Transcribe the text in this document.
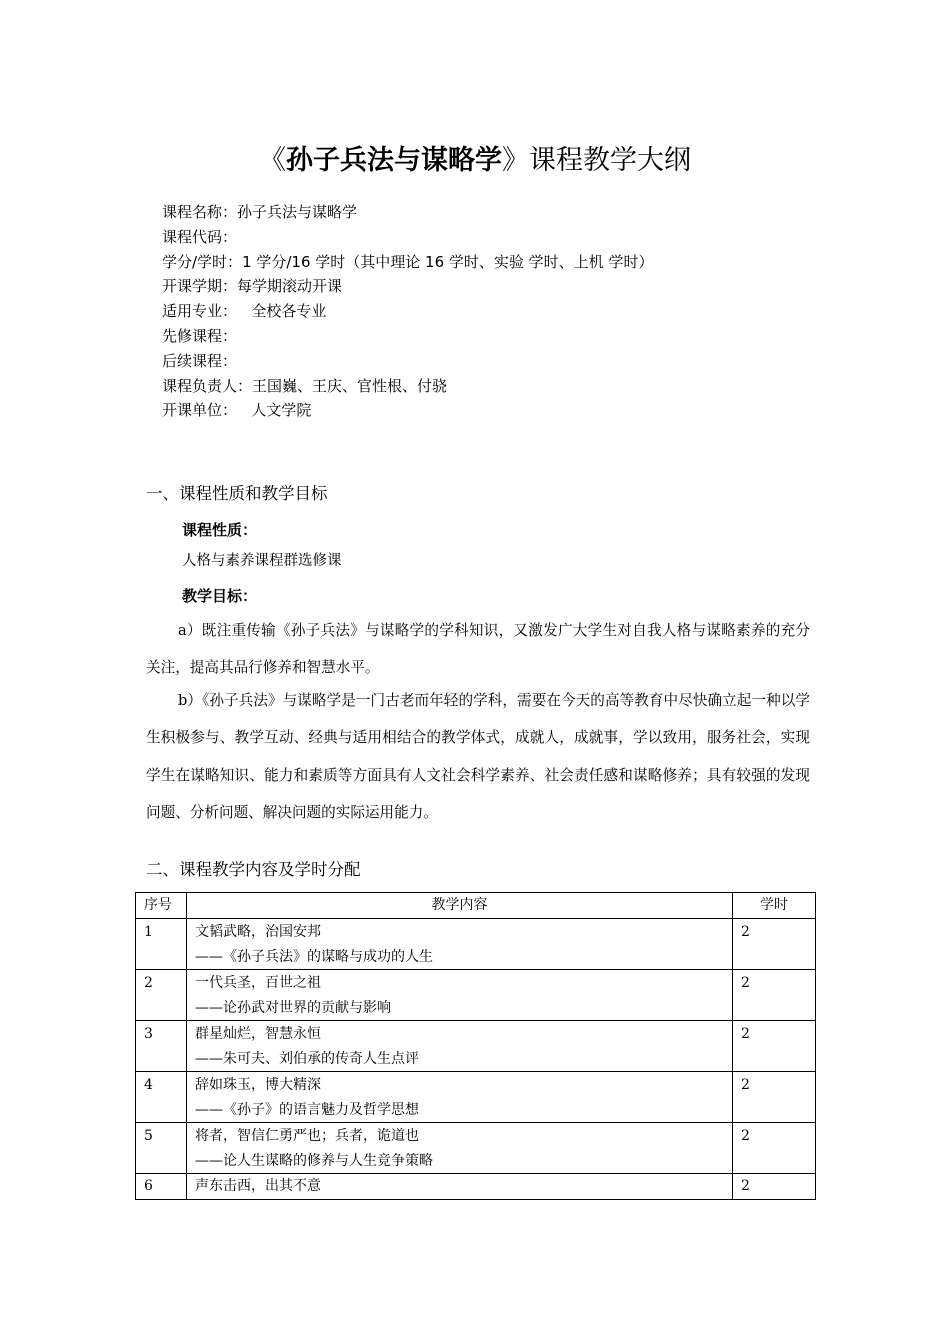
《孙子兵法与谋略学》课程教学大纲
课程名称：孙子兵法与谋略学
课程代码：
学分/学时：1 学分/16 学时（其中理论 16 学时、实验 学时、上机 学时）
开课学期：每学期滚动开课
适用专业：   全校各专业
先修课程：
后续课程：
课程负责人：王国巍、王庆、官性根、付骁
开课单位：   人文学院
一、课程性质和教学目标
课程性质：
人格与素养课程群选修课
教学目标：

a）既注重传输《孙子兵法》与谋略学的学科知识，又激发广大学生对自我人格与谋略素养的充分关注，提高其品行修养和智慧水平。

b）《孙子兵法》与谋略学是一门古老而年轻的学科，需要在今天的高等教育中尽快确立起一种以学生积极参与、教学互动、经典与适用相结合的教学体式，成就人，成就事，学以致用，服务社会，实现学生在谋略知识、能力和素质等方面具有人文社会科学素养、社会责任感和谋略修养；具有较强的发现问题、分析问题、解决问题的实际运用能力。

二、课程教学内容及学时分配
序号	教学内容	学时
1	文韬武略，治国安邦
——《孙子兵法》的谋略与成功的人生	2
2	一代兵圣，百世之祖
——论孙武对世界的贡献与影响	2
3	群星灿烂，智慧永恒
——朱可夫、刘伯承的传奇人生点评	2
4	辞如珠玉，博大精深
——《孙子》的语言魅力及哲学思想	2
5	将者，智信仁勇严也；兵者，诡道也
——论人生谋略的修养与人生竞争策略	2
6	声东击西，出其不意	2
